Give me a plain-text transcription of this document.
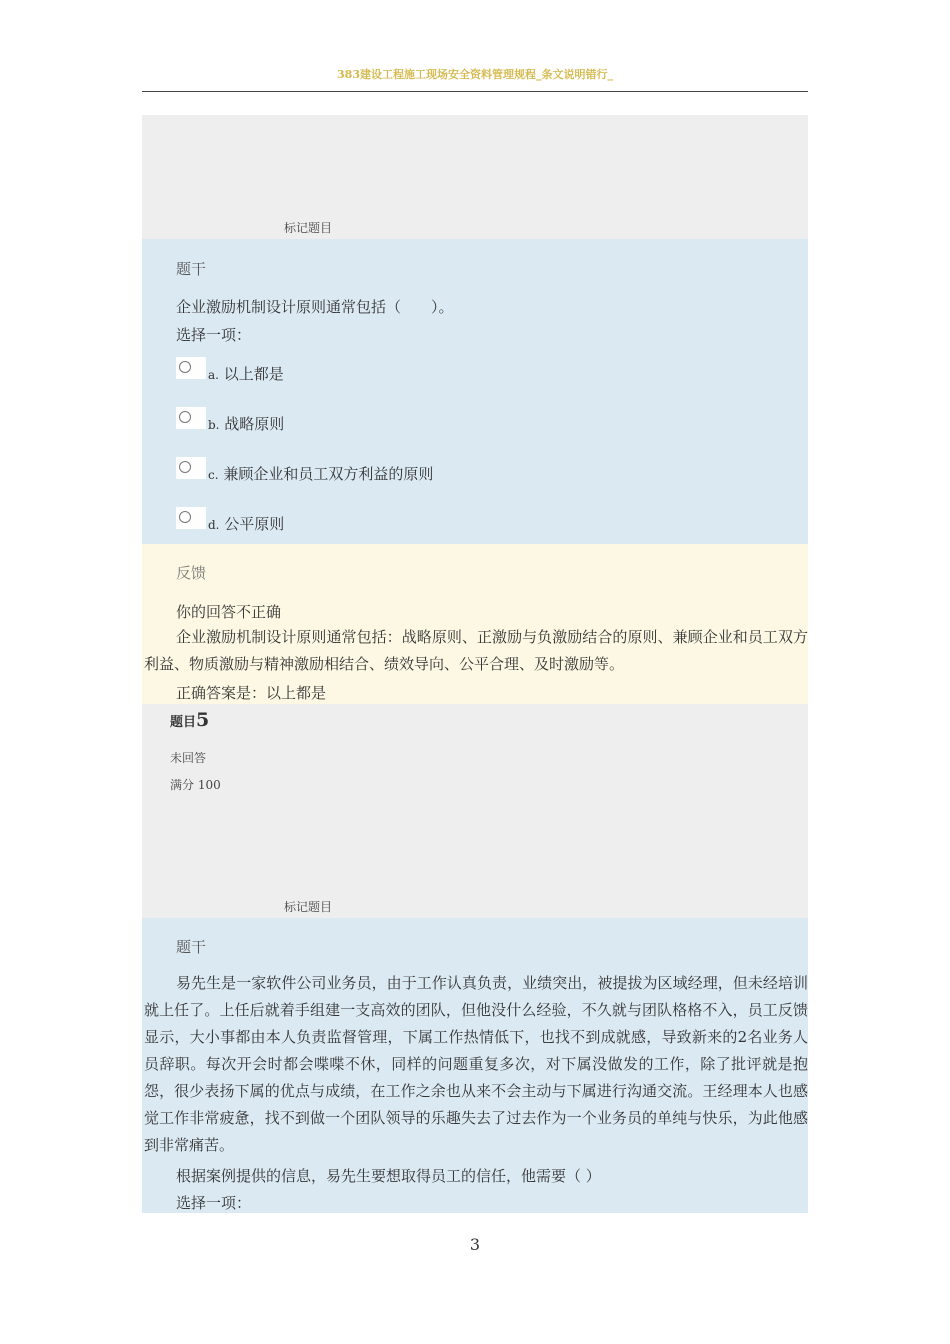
383建设工程施工现场安全资料管理规程_条文说明错行_
标记题目
题干
企业激励机制设计原则通常包括（　　）。
选择一项：
a. 以上都是
b. 战略原则
c. 兼顾企业和员工双方利益的原则
d. 公平原则
反馈
你的回答不正确
企业激励机制设计原则通常包括：战略原则、正激励与负激励结合的原则、兼顾企业和员工双方利益、物质激励与精神激励相结合、绩效导向、公平合理、及时激励等。
正确答案是：以上都是
题目5
未回答
满分 100
标记题目
题干
易先生是一家软件公司业务员，由于工作认真负责，业绩突出，被提拔为区域经理，但未经培训就上任了。上任后就着手组建一支高效的团队，但他没什么经验，不久就与团队格格不入，员工反馈显示，大小事都由本人负责监督管理，下属工作热情低下，也找不到成就感，导致新来的2名业务人员辞职。每次开会时都会喋喋不休，同样的问题重复多次，对下属没做发的工作，除了批评就是抱怨，很少表扬下属的优点与成绩，在工作之余也从来不会主动与下属进行沟通交流。王经理本人也感觉工作非常疲惫，找不到做一个团队领导的乐趣失去了过去作为一个业务员的单纯与快乐，为此他感到非常痛苦。
根据案例提供的信息，易先生要想取得员工的信任，他需要（ ）
选择一项：
3
